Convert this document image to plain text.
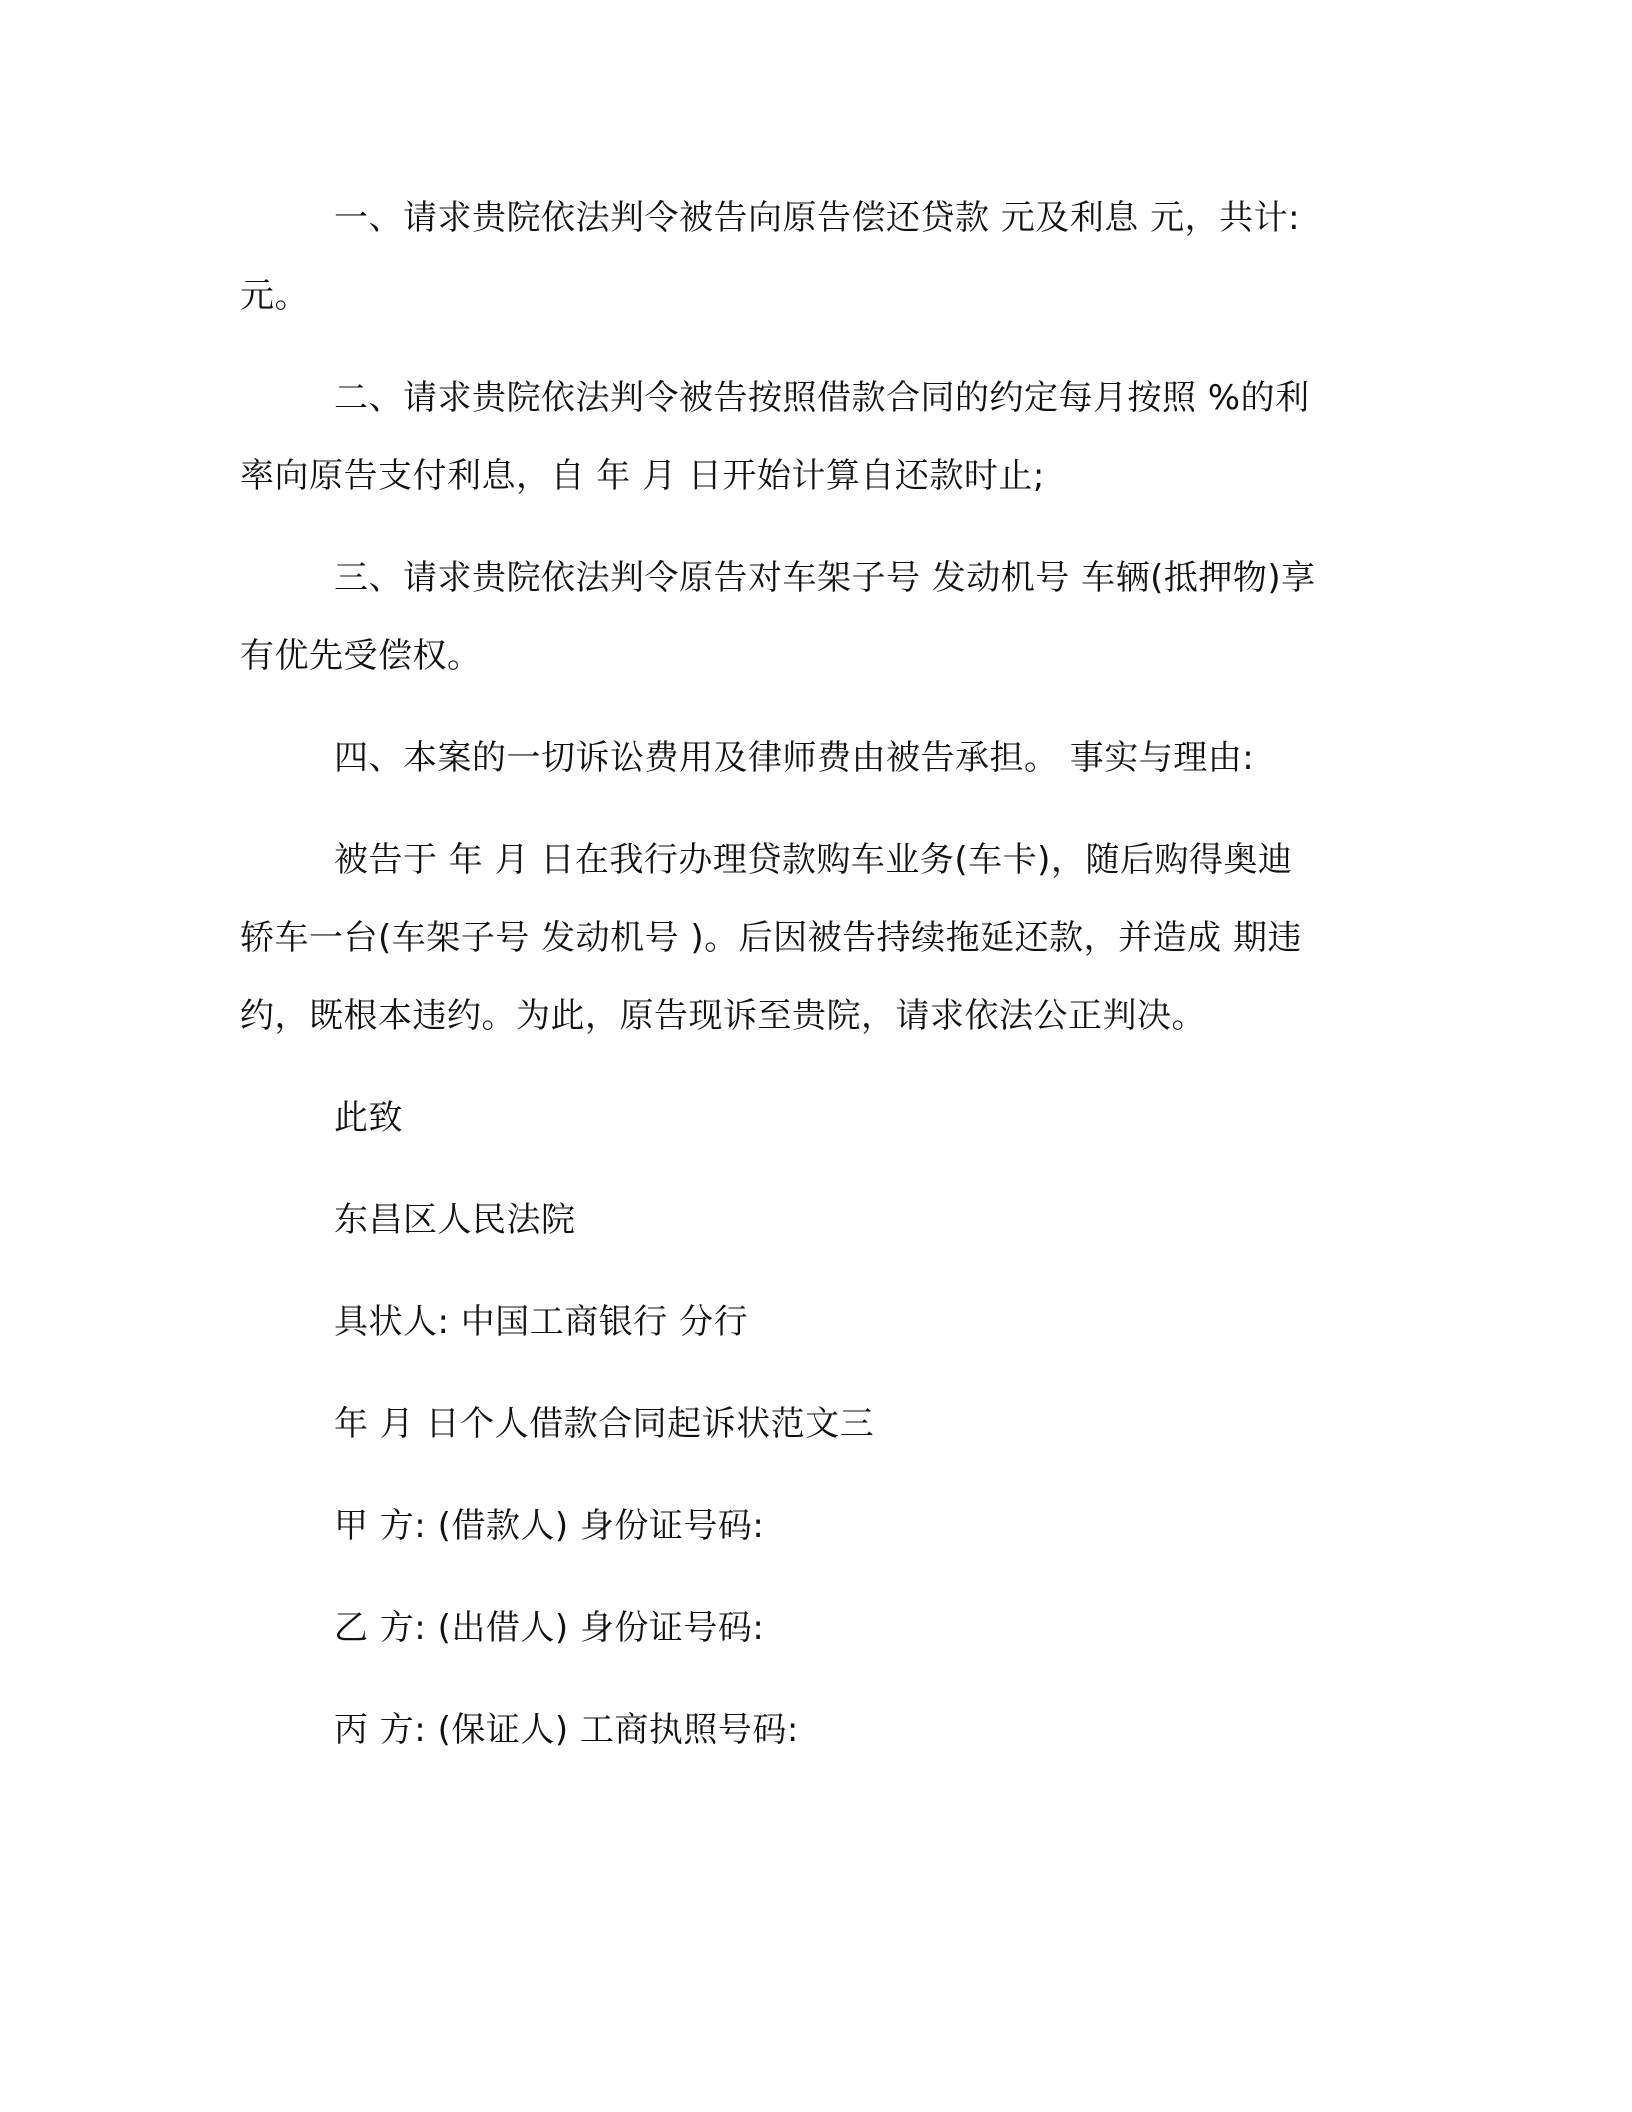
一、请求贵院依法判令被告向原告偿还贷款 元及利息 元，共计:

元。

二、请求贵院依法判令被告按照借款合同的约定每月按照 %的利

率向原告支付利息，自 年 月 日开始计算自还款时止;

三、请求贵院依法判令原告对车架子号 发动机号 车辆(抵押物)享

有优先受偿权。

四、本案的一切诉讼费用及律师费由被告承担。 事实与理由:

被告于 年 月 日在我行办理贷款购车业务(车卡)，随后购得奥迪

轿车一台(车架子号 发动机号 )。后因被告持续拖延还款，并造成 期违

约，既根本违约。为此，原告现诉至贵院，请求依法公正判决。

此致

东昌区人民法院

具状人: 中国工商银行 分行

年 月 日个人借款合同起诉状范文三

甲 方: (借款人) 身份证号码:

乙 方: (出借人) 身份证号码:

丙 方: (保证人) 工商执照号码:
